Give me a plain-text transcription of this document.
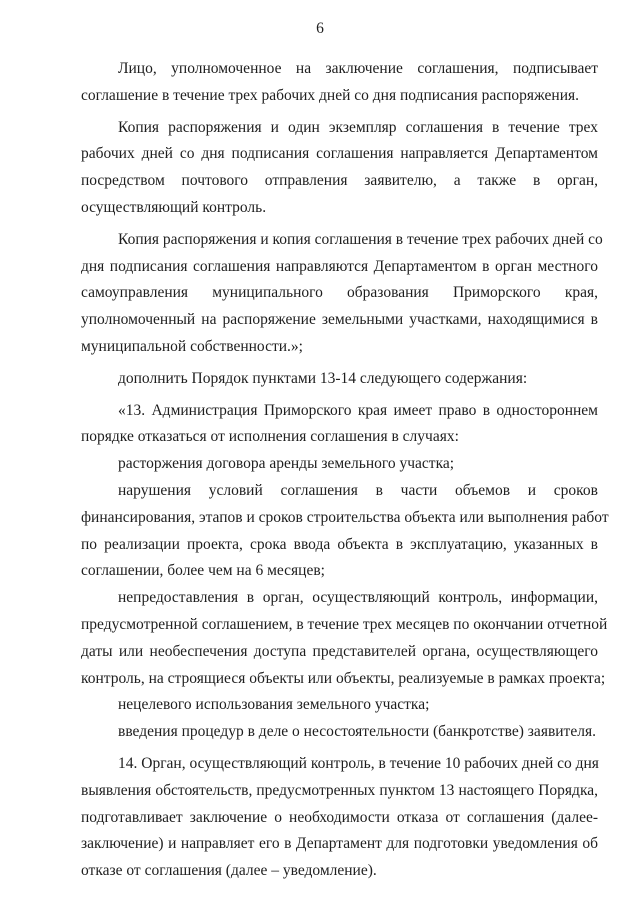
6
Лицо, уполномоченное на заключение соглашения, подписывает
соглашение в течение трех рабочих дней со дня подписания распоряжения.
Копия распоряжения и один экземпляр соглашения в течение трех
рабочих дней со дня подписания соглашения направляется Департаментом
посредством почтового отправления заявителю, а также в орган,
осуществляющий контроль.
Копия распоряжения и копия соглашения в течение трех рабочих дней со
дня подписания соглашения направляются Департаментом в орган местного
самоуправления муниципального образования Приморского края,
уполномоченный на распоряжение земельными участками, находящимися в
муниципальной собственности.»;
дополнить Порядок пунктами 13-14 следующего содержания:
«13. Администрация Приморского края имеет право в одностороннем
порядке отказаться от исполнения соглашения в случаях:
расторжения договора аренды земельного участка;
нарушения условий соглашения в части объемов и сроков
финансирования, этапов и сроков строительства объекта или выполнения работ
по реализации проекта, срока ввода объекта в эксплуатацию, указанных в
соглашении, более чем на 6 месяцев;
непредоставления в орган, осуществляющий контроль, информации,
предусмотренной соглашением, в течение трех месяцев по окончании отчетной
даты или необеспечения доступа представителей органа, осуществляющего
контроль, на строящиеся объекты или объекты, реализуемые в рамках проекта;
нецелевого использования земельного участка;
введения процедур в деле о несостоятельности (банкротстве) заявителя.
14. Орган, осуществляющий контроль, в течение 10 рабочих дней со дня
выявления обстоятельств, предусмотренных пунктом 13 настоящего Порядка,
подготавливает заключение о необходимости отказа от соглашения (далее-
заключение) и направляет его в Департамент для подготовки уведомления об
отказе от соглашения (далее – уведомление).
